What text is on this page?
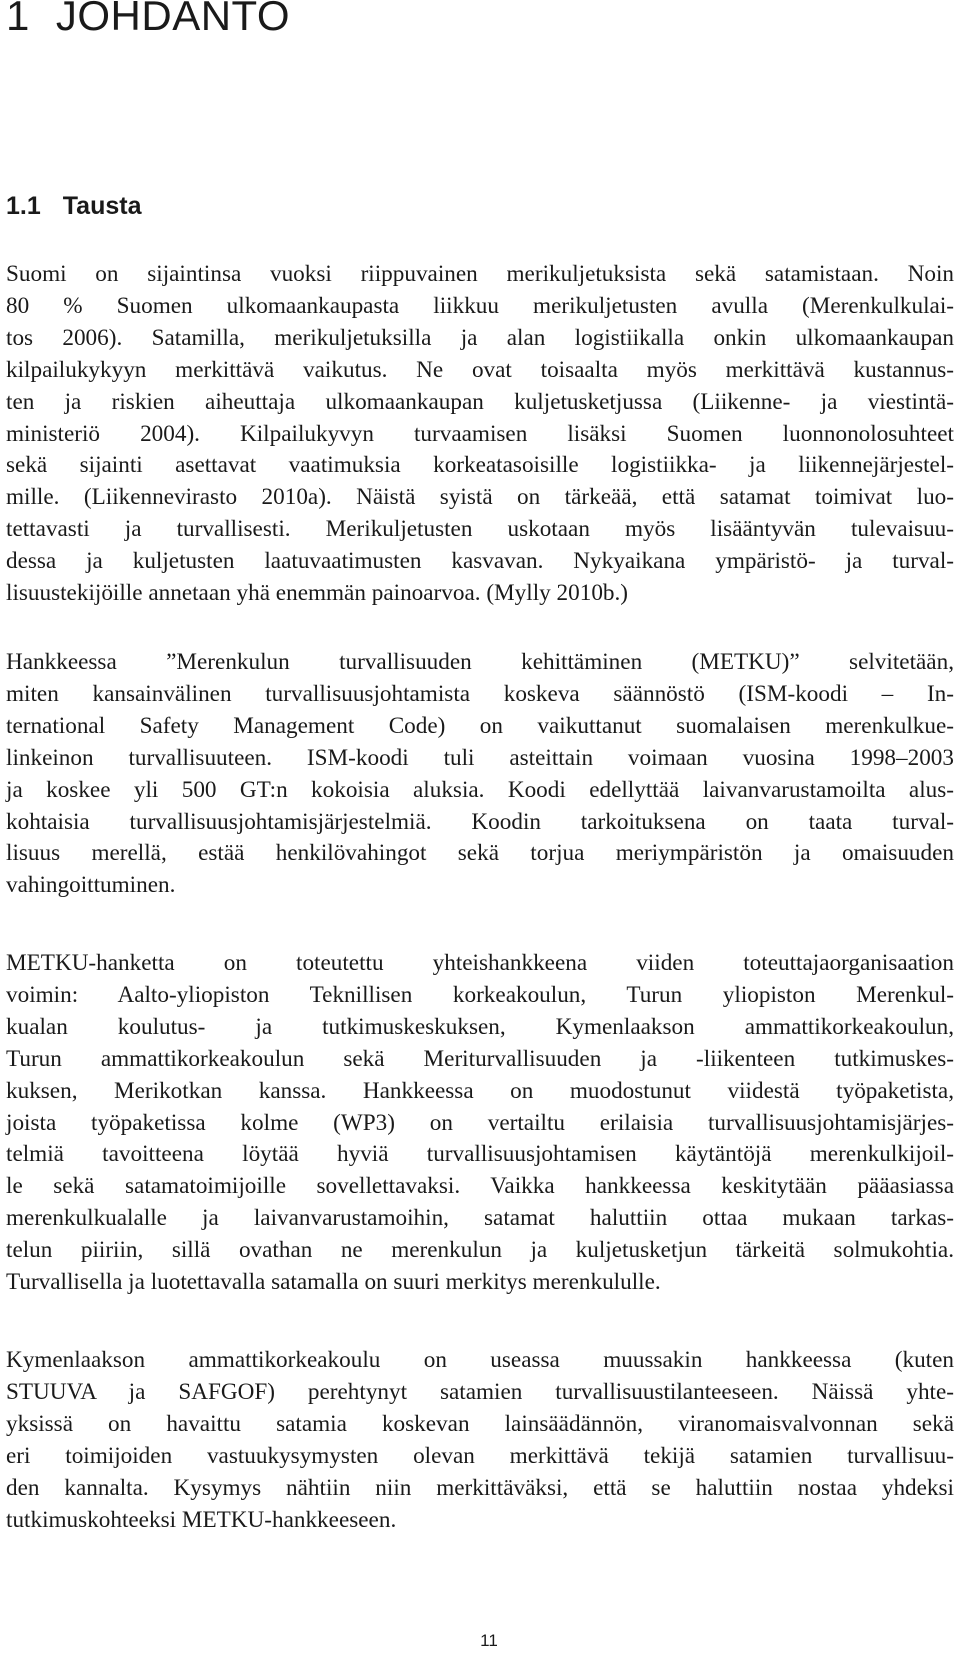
1 JOHDANTO
1.1 Tausta
Suomi on sijaintinsa vuoksi riippuvainen merikuljetuksista sekä satamistaan. Noin
80 % Suomen ulkomaankaupasta liikkuu merikuljetusten avulla (Merenkulkulai-
tos 2006). Satamilla, merikuljetuksilla ja alan logistiikalla onkin ulkomaankaupan
kilpailukykyyn merkittävä vaikutus. Ne ovat toisaalta myös merkittävä kustannus-
ten ja riskien aiheuttaja ulkomaankaupan kuljetusketjussa (Liikenne- ja viestintä-
ministeriö 2004). Kilpailukyvyn turvaamisen lisäksi Suomen luonnonolosuhteet
sekä sijainti asettavat vaatimuksia korkeatasoisille logistiikka- ja liikennejärjestel-
mille. (Liikennevirasto 2010a). Näistä syistä on tärkeää, että satamat toimivat luo-
tettavasti ja turvallisesti. Merikuljetusten uskotaan myös lisääntyvän tulevaisuu-
dessa ja kuljetusten laatuvaatimusten kasvavan. Nykyaikana ympäristö- ja turval-
lisuustekijöille annetaan yhä enemmän painoarvoa. (Mylly 2010b.)
Hankkeessa ”Merenkulun turvallisuuden kehittäminen (METKU)” selvitetään,
miten kansainvälinen turvallisuusjohtamista koskeva säännöstö (ISM-koodi – In-
ternational Safety Management Code) on vaikuttanut suomalaisen merenkulkue-
linkeinon turvallisuuteen. ISM-koodi tuli asteittain voimaan vuosina 1998–2003
ja koskee yli 500 GT:n kokoisia aluksia. Koodi edellyttää laivanvarustamoilta alus-
kohtaisia turvallisuusjohtamisjärjestelmiä. Koodin tarkoituksena on taata turval-
lisuus merellä, estää henkilövahingot sekä torjua meriympäristön ja omaisuuden
vahingoittuminen.
METKU-hanketta on toteutettu yhteishankkeena viiden toteuttajaorganisaation
voimin: Aalto-yliopiston Teknillisen korkeakoulun, Turun yliopiston Merenkul-
kualan koulutus- ja tutkimuskeskuksen, Kymenlaakson ammattikorkeakoulun,
Turun ammattikorkeakoulun sekä Meriturvallisuuden ja -liikenteen tutkimuskes-
kuksen, Merikotkan kanssa. Hankkeessa on muodostunut viidestä työpaketista,
joista työpaketissa kolme (WP3) on vertailtu erilaisia turvallisuusjohtamisjärjes-
telmiä tavoitteena löytää hyviä turvallisuusjohtamisen käytäntöjä merenkulkijoil-
le sekä satamatoimijoille sovellettavaksi. Vaikka hankkeessa keskitytään pääasiassa
merenkulkualalle ja laivanvarustamoihin, satamat haluttiin ottaa mukaan tarkas-
telun piiriin, sillä ovathan ne merenkulun ja kuljetusketjun tärkeitä solmukohtia.
Turvallisella ja luotettavalla satamalla on suuri merkitys merenkululle.
Kymenlaakson ammattikorkeakoulu on useassa muussakin hankkeessa (kuten
STUUVA ja SAFGOF) perehtynyt satamien turvallisuustilanteeseen. Näissä yhte-
yksissä on havaittu satamia koskevan lainsäädännön, viranomaisvalvonnan sekä
eri toimijoiden vastuukysymysten olevan merkittävä tekijä satamien turvallisuu-
den kannalta. Kysymys nähtiin niin merkittäväksi, että se haluttiin nostaa yhdeksi
tutkimuskohteeksi METKU-hankkeeseen.
11
